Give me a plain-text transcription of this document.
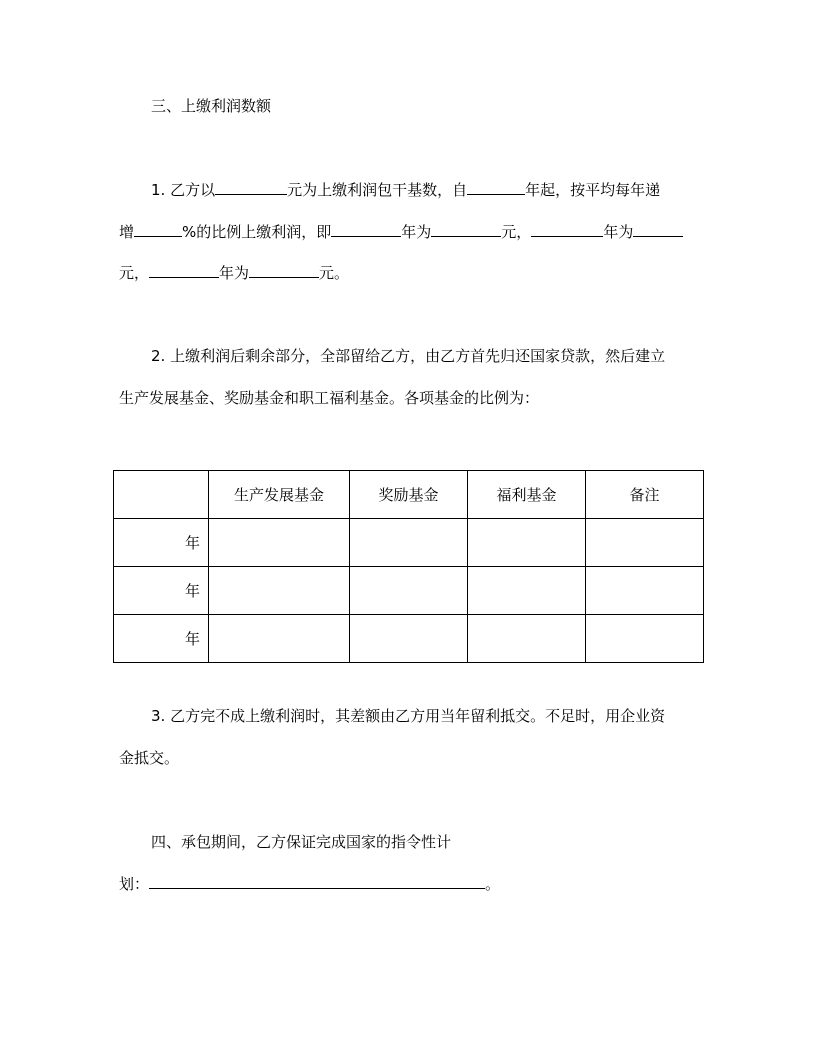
三、上缴利润数额
1. 乙方以	元为上缴利润包干基数，自	年起，按平均每年递
增	%的比例上缴利润，即	年为	元，	年为
元，	年为	元。
2. 上缴利润后剩余部分，全部留给乙方，由乙方首先归还国家贷款，然后建立
生产发展基金、奖励基金和职工福利基金。各项基金的比例为：
	生产发展基金	奖励基金	福利基金	备注
年				
年				
年				
3. 乙方完不成上缴利润时，其差额由乙方用当年留利抵交。不足时，用企业资
金抵交。
四、承包期间，乙方保证完成国家的指令性计
划：	。
